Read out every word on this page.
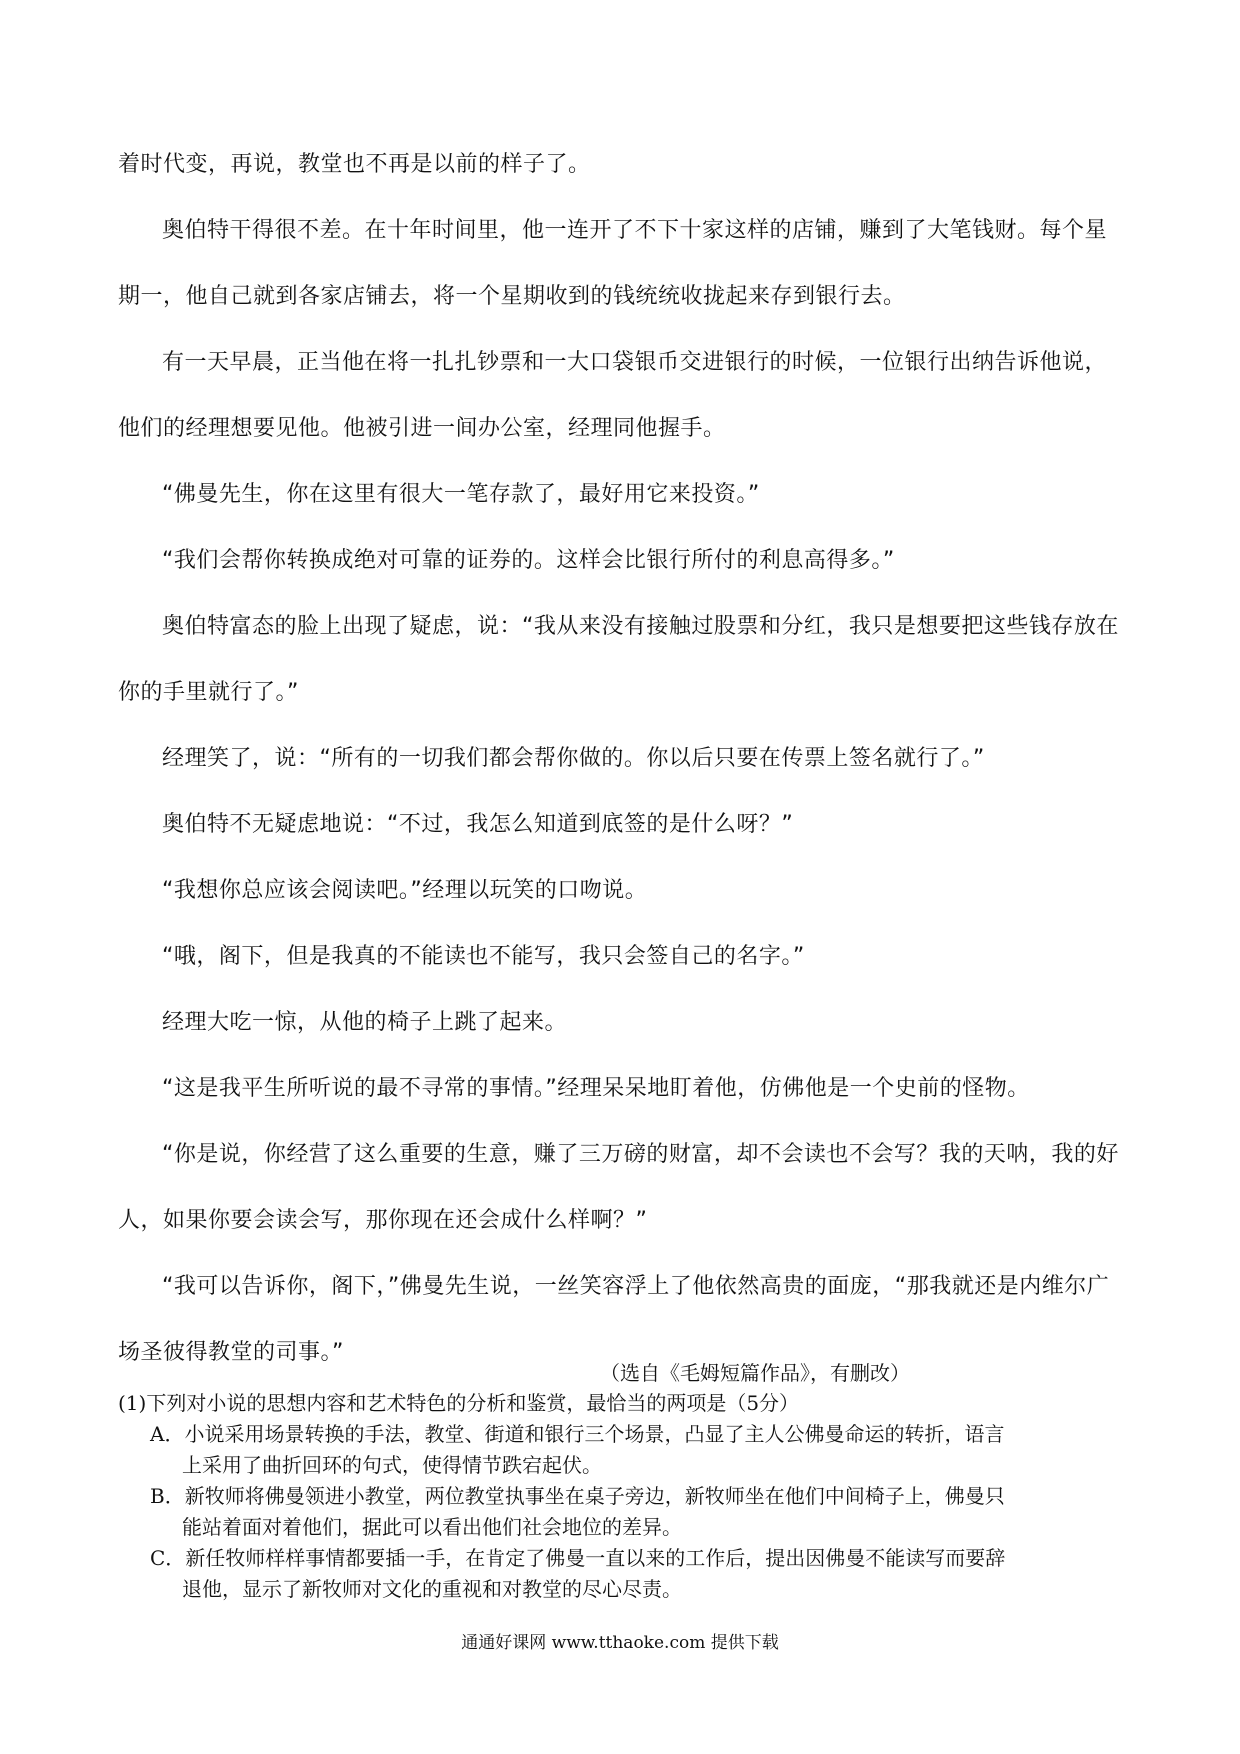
着时代变，再说，教堂也不再是以前的样子了。

奥伯特干得很不差。在十年时间里，他一连开了不下十家这样的店铺，赚到了大笔钱财。每个星期一，他自己就到各家店铺去，将一个星期收到的钱统统收拢起来存到银行去。

有一天早晨，正当他在将一扎扎钞票和一大口袋银币交进银行的时候，一位银行出纳告诉他说，他们的经理想要见他。他被引进一间办公室，经理同他握手。

“佛曼先生，你在这里有很大一笔存款了，最好用它来投资。”

“我们会帮你转换成绝对可靠的证券的。这样会比银行所付的利息高得多。”

奥伯特富态的脸上出现了疑虑，说：“我从来没有接触过股票和分红，我只是想要把这些钱存放在你的手里就行了。”

经理笑了，说：“所有的一切我们都会帮你做的。你以后只要在传票上签名就行了。”

奥伯特不无疑虑地说：“不过，我怎么知道到底签的是什么呀？”

“我想你总应该会阅读吧。”经理以玩笑的口吻说。

“哦，阁下，但是我真的不能读也不能写，我只会签自己的名字。”

经理大吃一惊，从他的椅子上跳了起来。

“这是我平生所听说的最不寻常的事情。”经理呆呆地盯着他，仿佛他是一个史前的怪物。

“你是说，你经营了这么重要的生意，赚了三万磅的财富，却不会读也不会写？我的天呐，我的好人，如果你要会读会写，那你现在还会成什么样啊？”

“我可以告诉你，阁下，”佛曼先生说，一丝笑容浮上了他依然高贵的面庞，“那我就还是内维尔广场圣彼得教堂的司事。”

（选自《毛姆短篇作品》，有删改）

(1)下列对小说的思想内容和艺术特色的分析和鉴赏，最恰当的两项是（5分）

A．小说采用场景转换的手法，教堂、街道和银行三个场景，凸显了主人公佛曼命运的转折，语言上采用了曲折回环的句式，使得情节跌宕起伏。

B．新牧师将佛曼领进小教堂，两位教堂执事坐在桌子旁边，新牧师坐在他们中间椅子上，佛曼只能站着面对着他们，据此可以看出他们社会地位的差异。

C．新任牧师样样事情都要插一手，在肯定了佛曼一直以来的工作后，提出因佛曼不能读写而要辞退他，显示了新牧师对文化的重视和对教堂的尽心尽责。

通通好课网 www.tthaoke.com 提供下载
